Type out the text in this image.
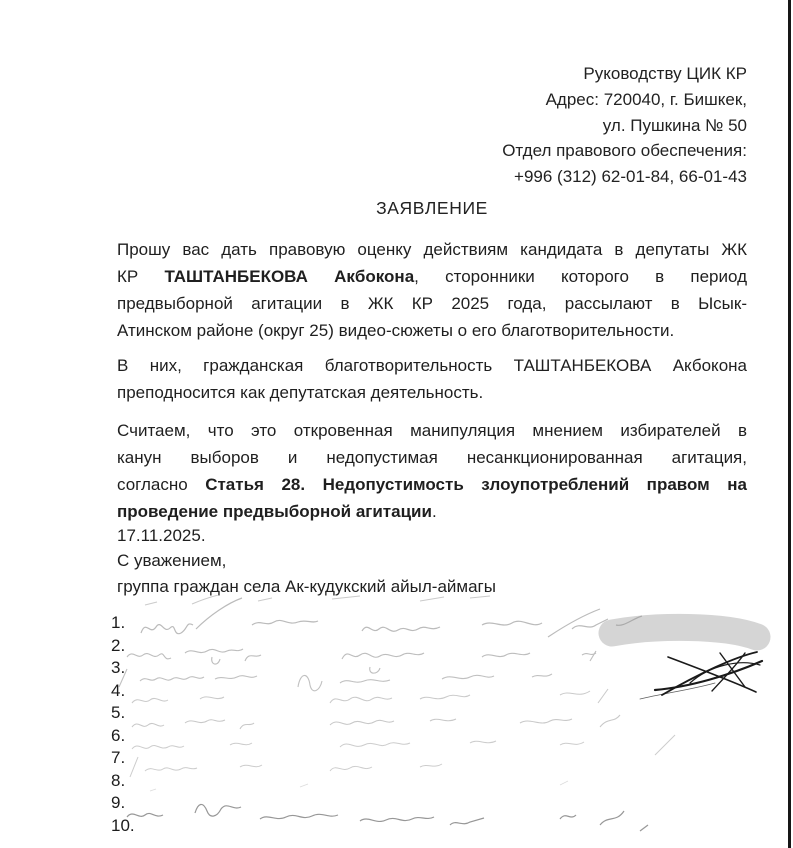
Руководству ЦИК КР
Адрес: 720040, г. Бишкек,
ул. Пушкина № 50
Отдел правового обеспечения:
+996 (312) 62-01-84, 66-01-43
ЗАЯВЛЕНИЕ
Прошу вас дать правовую оценку действиям кандидата в депутаты ЖК
КР ТАШТАНБЕКОВА Акбокона, сторонники которого в период
предвыборной агитации в ЖК КР 2025 года, рассылают в Ысык-
Атинском районе (округ 25) видео-сюжеты о его благотворительности.
В них, гражданская благотворительность ТАШТАНБЕКОВА Акбокона
преподносится как депутатская деятельность.
Считаем, что это откровенная манипуляция мнением избирателей в
канун выборов и недопустимая несанкционированная агитация,
согласно Статья 28. Недопустимость злоупотреблений правом на
проведение предвыборной агитации.
17.11.2025.
С уважением,
группа граждан села Ак-кудукский айыл-аймагы
1.
2.
3.
4.
5.
6.
7.
8.
9.
10.
